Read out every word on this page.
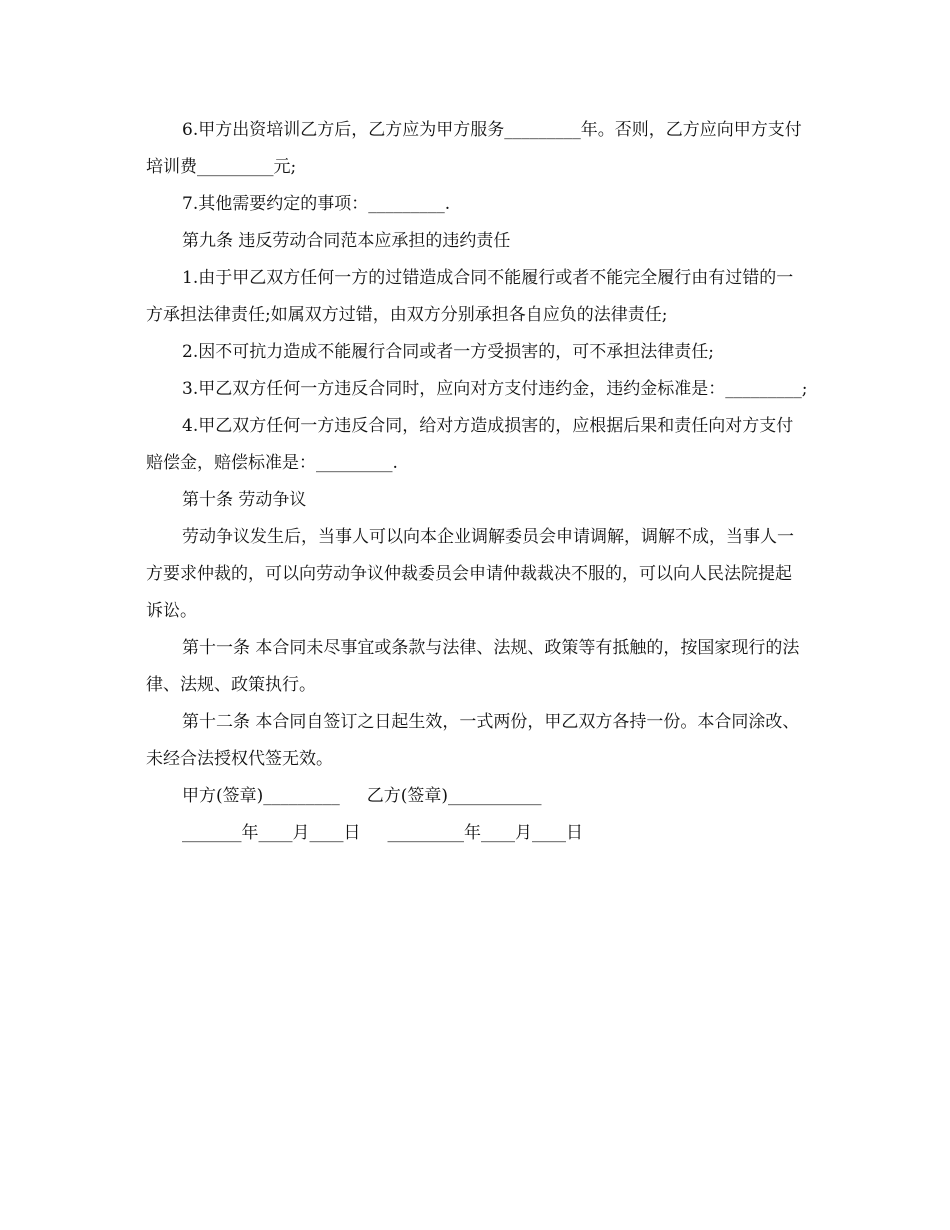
6.甲方出资培训乙方后，乙方应为甲方服务_________年。否则，乙方应向甲方支付培训费_________元;

7.其他需要约定的事项：_________.

第九条 违反劳动合同范本应承担的违约责任

1.由于甲乙双方任何一方的过错造成合同不能履行或者不能完全履行由有过错的一方承担法律责任;如属双方过错，由双方分别承担各自应负的法律责任;

2.因不可抗力造成不能履行合同或者一方受损害的，可不承担法律责任;

3.甲乙双方任何一方违反合同时，应向对方支付违约金，违约金标准是：_________;

4.甲乙双方任何一方违反合同，给对方造成损害的，应根据后果和责任向对方支付赔偿金，赔偿标准是：_________.

第十条 劳动争议

劳动争议发生后，当事人可以向本企业调解委员会申请调解，调解不成，当事人一方要求仲裁的，可以向劳动争议仲裁委员会申请仲裁裁决不服的，可以向人民法院提起诉讼。

第十一条 本合同未尽事宜或条款与法律、法规、政策等有抵触的，按国家现行的法律、法规、政策执行。

第十二条 本合同自签订之日起生效，一式两份，甲乙双方各持一份。本合同涂改、未经合法授权代签无效。

甲方(签章)_________     乙方(签章)___________

_______年____月____日     _________年____月____日
